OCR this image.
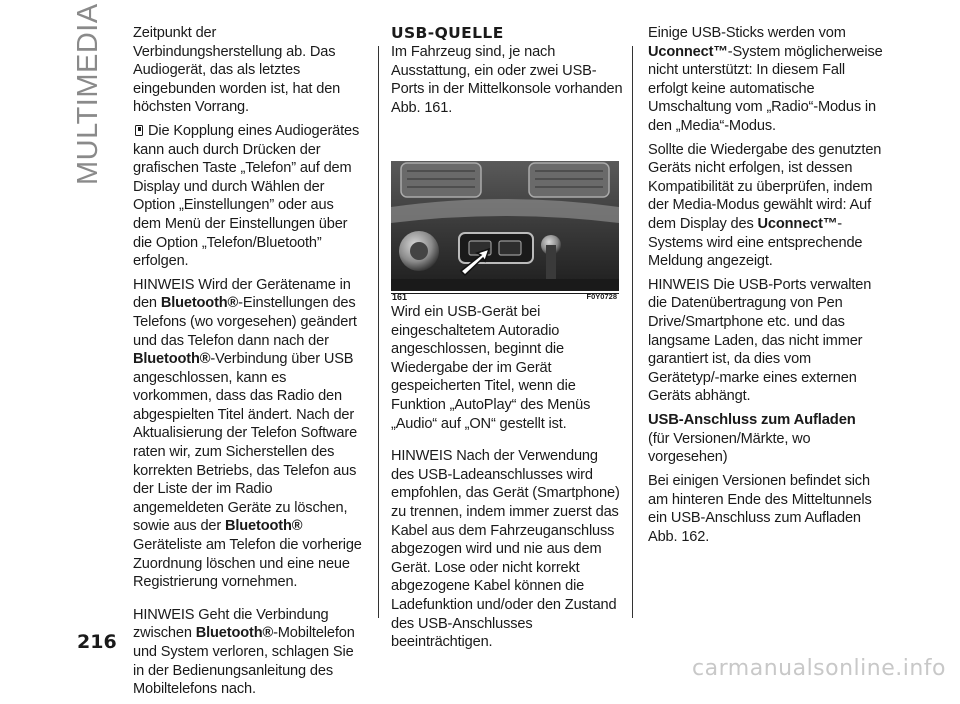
MULTIMEDIA
216

Zeitpunkt der Verbindungsherstellung ab. Das Audiogerät, das als letztes eingebunden worden ist, hat den höchsten Vorrang.

Die Kopplung eines Audiogerätes kann auch durch Drücken der grafischen Taste „Telefon” auf dem Display und durch Wählen der Option „Einstellungen” oder aus dem Menü der Einstellungen über die Option „Telefon/Bluetooth” erfolgen.

HINWEIS Wird der Gerätename in den Bluetooth®-Einstellungen des Telefons (wo vorgesehen) geändert und das Telefon dann nach der Bluetooth®-Verbindung über USB angeschlossen, kann es vorkommen, dass das Radio den abgespielten Titel ändert. Nach der Aktualisierung der Telefon Software raten wir, zum Sicherstellen des korrekten Betriebs, das Telefon aus der Liste der im Radio angemeldeten Geräte zu löschen, sowie aus der Bluetooth® Geräteliste am Telefon die vorherige Zuordnung löschen und eine neue Registrierung vornehmen.

HINWEIS Geht die Verbindung zwischen Bluetooth®-Mobiltelefon und System verloren, schlagen Sie in der Bedienungsanleitung des Mobiltelefons nach.

USB-QUELLE

Im Fahrzeug sind, je nach Ausstattung, ein oder zwei USB-Ports in der Mittelkonsole vorhanden Abb. 161.

161	F0Y0728

Wird ein USB-Gerät bei eingeschaltetem Autoradio angeschlossen, beginnt die Wiedergabe der im Gerät gespeicherten Titel, wenn die Funktion „AutoPlay“ des Menüs „Audio“ auf „ON“ gestellt ist.

HINWEIS Nach der Verwendung des USB-Ladeanschlusses wird empfohlen, das Gerät (Smartphone) zu trennen, indem immer zuerst das Kabel aus dem Fahrzeuganschluss abgezogen wird und nie aus dem Gerät. Lose oder nicht korrekt abgezogene Kabel können die Ladefunktion und/oder den Zustand des USB-Anschlusses beeinträchtigen.

Einige USB-Sticks werden vom Uconnect™-System möglicherweise nicht unterstützt: In diesem Fall erfolgt keine automatische Umschaltung vom „Radio“-Modus in den „Media“-Modus.

Sollte die Wiedergabe des genutzten Geräts nicht erfolgen, ist dessen Kompatibilität zu überprüfen, indem der Media-Modus gewählt wird: Auf dem Display des Uconnect™-Systems wird eine entsprechende Meldung angezeigt.

HINWEIS Die USB-Ports verwalten die Datenübertragung von Pen Drive/Smartphone etc. und das langsame Laden, das nicht immer garantiert ist, da dies vom Gerätetyp/-marke eines externen Geräts abhängt.

USB-Anschluss zum Aufladen

(für Versionen/Märkte, wo vorgesehen)

Bei einigen Versionen befindet sich am hinteren Ende des Mitteltunnels ein USB-Anschluss zum Aufladen Abb. 162.

carmanualsonline.info
